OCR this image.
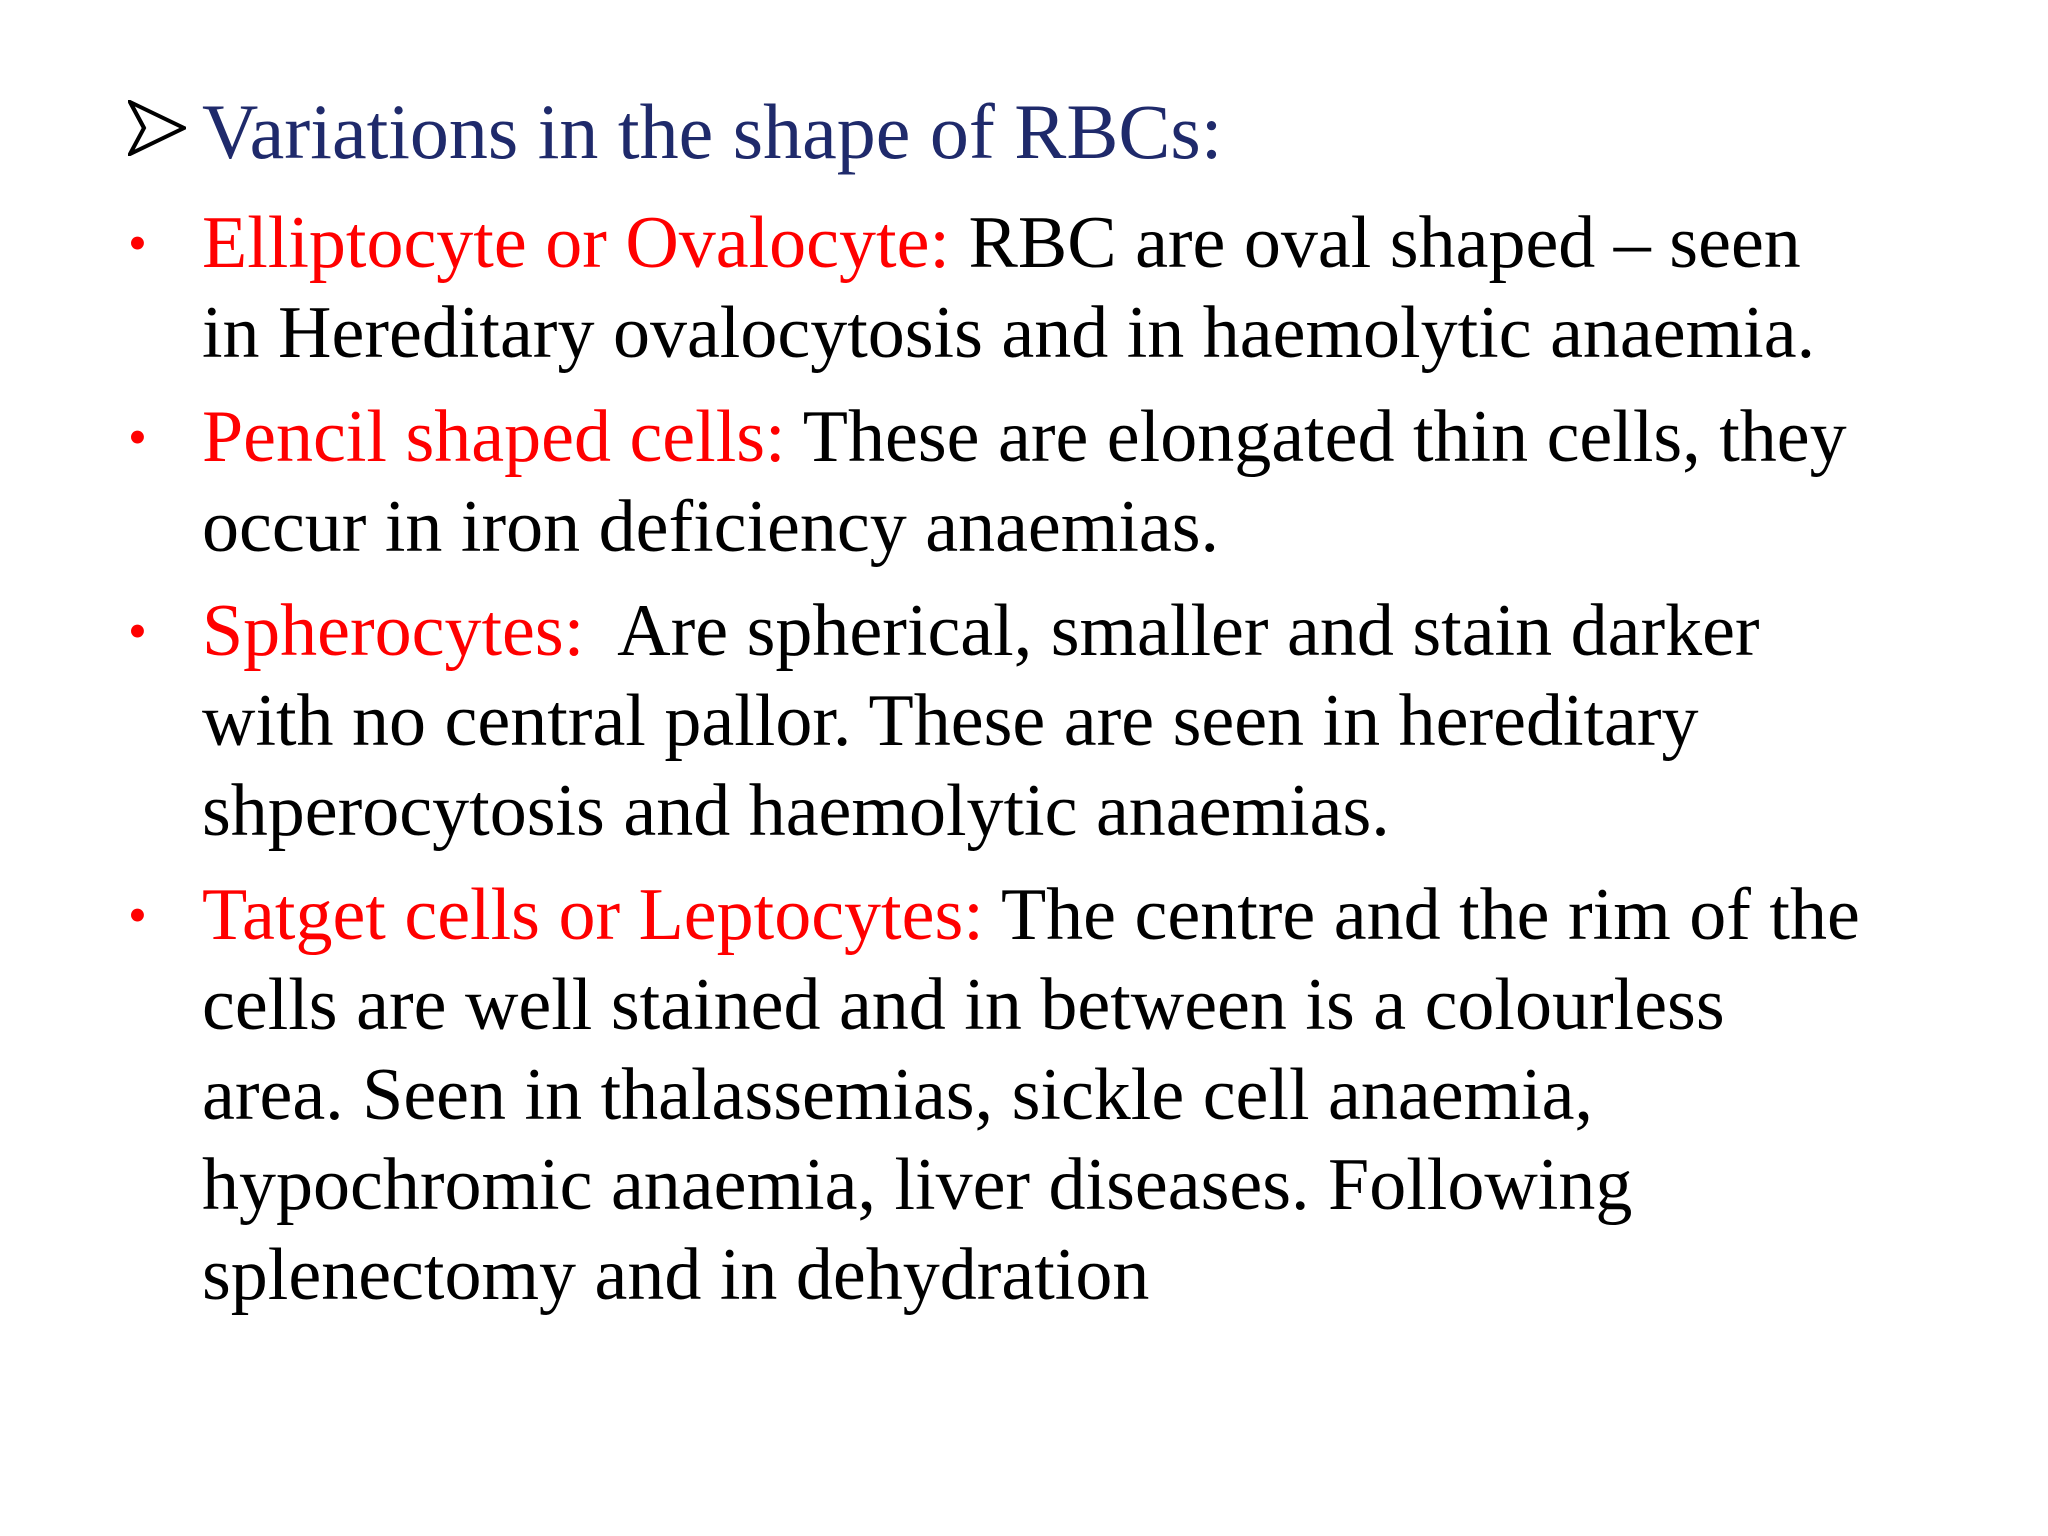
Variations in the shape of RBCs:
• Elliptocyte or Ovalocyte: RBC are oval shaped – seen
in Hereditary ovalocytosis and in haemolytic anaemia.
• Pencil shaped cells: These are elongated thin cells, they
occur in iron deficiency anaemias.
• Spherocytes:  Are spherical, smaller and stain darker
with no central pallor. These are seen in hereditary
shperocytosis and haemolytic anaemias.
• Tatget cells or Leptocytes: The centre and the rim of the
cells are well stained and in between is a colourless
area. Seen in thalassemias, sickle cell anaemia,
hypochromic anaemia, liver diseases. Following
splenectomy and in dehydration
